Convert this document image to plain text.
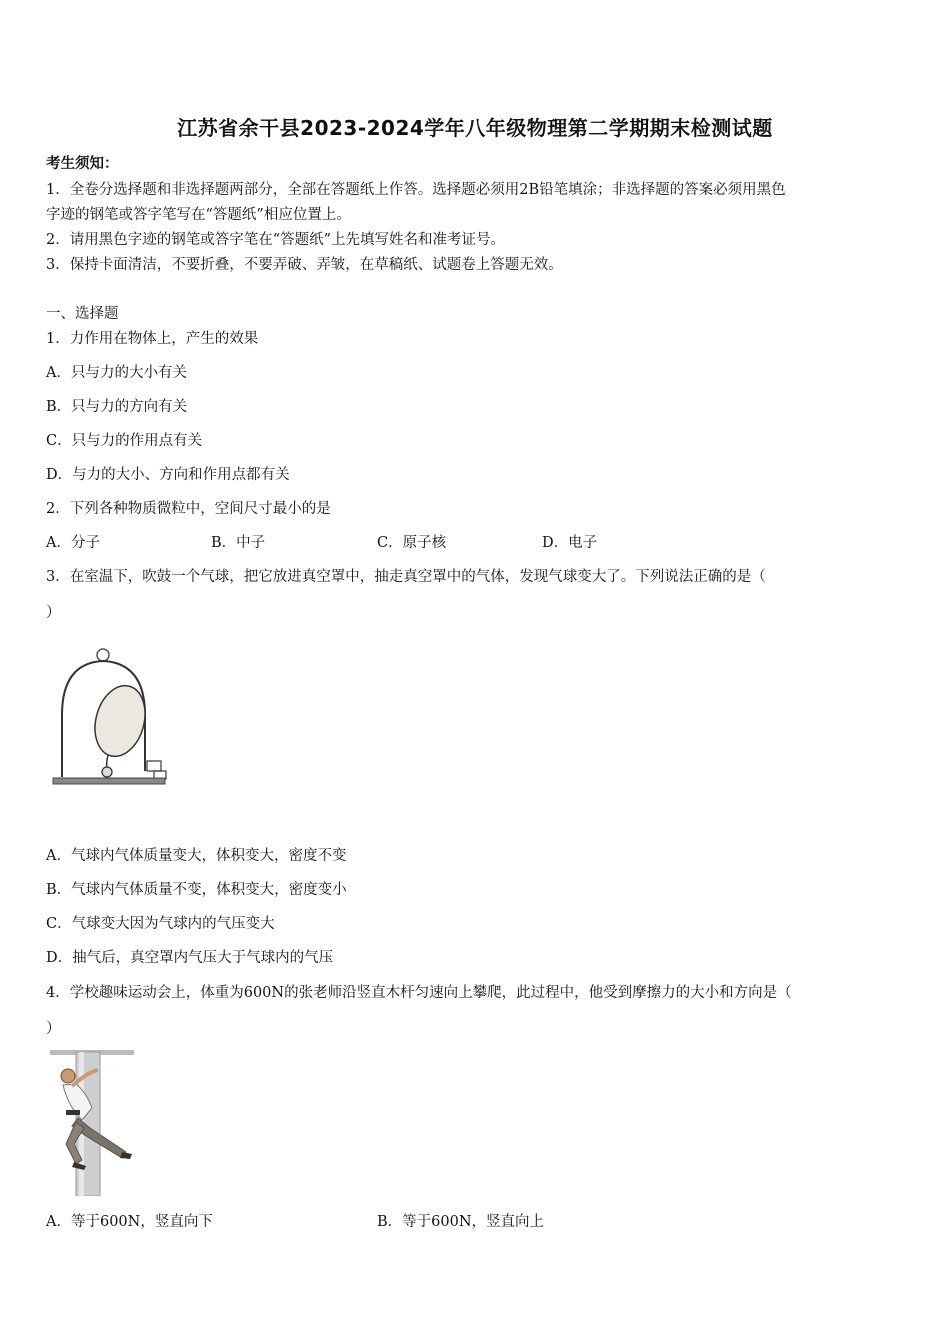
江苏省余干县2023-2024学年八年级物理第二学期期末检测试题
考生须知：
1．全卷分选择题和非选择题两部分，全部在答题纸上作答。选择题必须用2B铅笔填涂；非选择题的答案必须用黑色
字迹的钢笔或答字笔写在“答题纸”相应位置上。
2．请用黑色字迹的钢笔或答字笔在“答题纸”上先填写姓名和准考证号。
3．保持卡面清洁，不要折叠，不要弄破、弄皱，在草稿纸、试题卷上答题无效。
一、选择题
1．力作用在物体上，产生的效果
A．只与力的大小有关
B．只与力的方向有关
C．只与力的作用点有关
D．与力的大小、方向和作用点都有关
2．下列各种物质微粒中，空间尺寸最小的是
A．分子	B．中子	C．原子核	D．电子
3．在室温下，吹鼓一个气球，把它放进真空罩中，抽走真空罩中的气体，发现气球变大了。下列说法正确的是（
）
A．气球内气体质量变大，体积变大，密度不变
B．气球内气体质量不变，体积变大，密度变小
C．气球变大因为气球内的气压变大
D．抽气后，真空罩内气压大于气球内的气压
4．学校趣味运动会上，体重为600N的张老师沿竖直木杆匀速向上攀爬，此过程中，他受到摩擦力的大小和方向是（
）
A．等于600N，竖直向下	B．等于600N，竖直向上
